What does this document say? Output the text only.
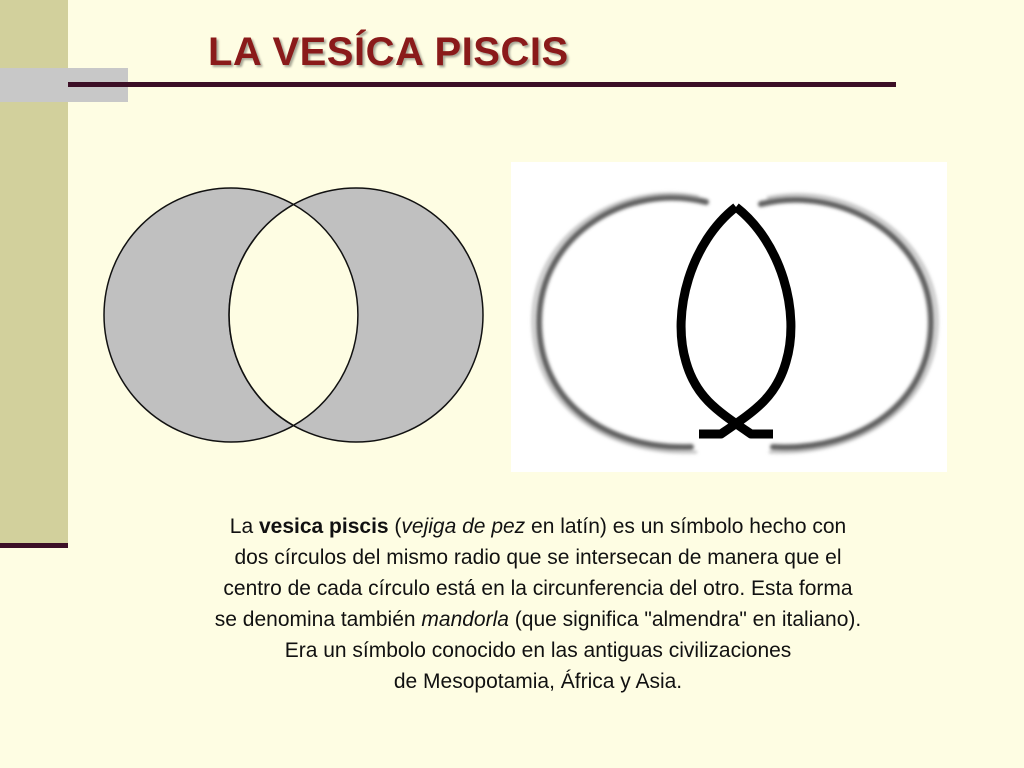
LA VESÍCA PISCIS

La vesica piscis (vejiga de pez en latín) es un símbolo hecho con
dos círculos del mismo radio que se intersecan de manera que el
centro de cada círculo está en la circunferencia del otro. Esta forma
se denomina también mandorla (que significa "almendra" en italiano).
Era un símbolo conocido en las antiguas civilizaciones
de Mesopotamia, África y Asia.
